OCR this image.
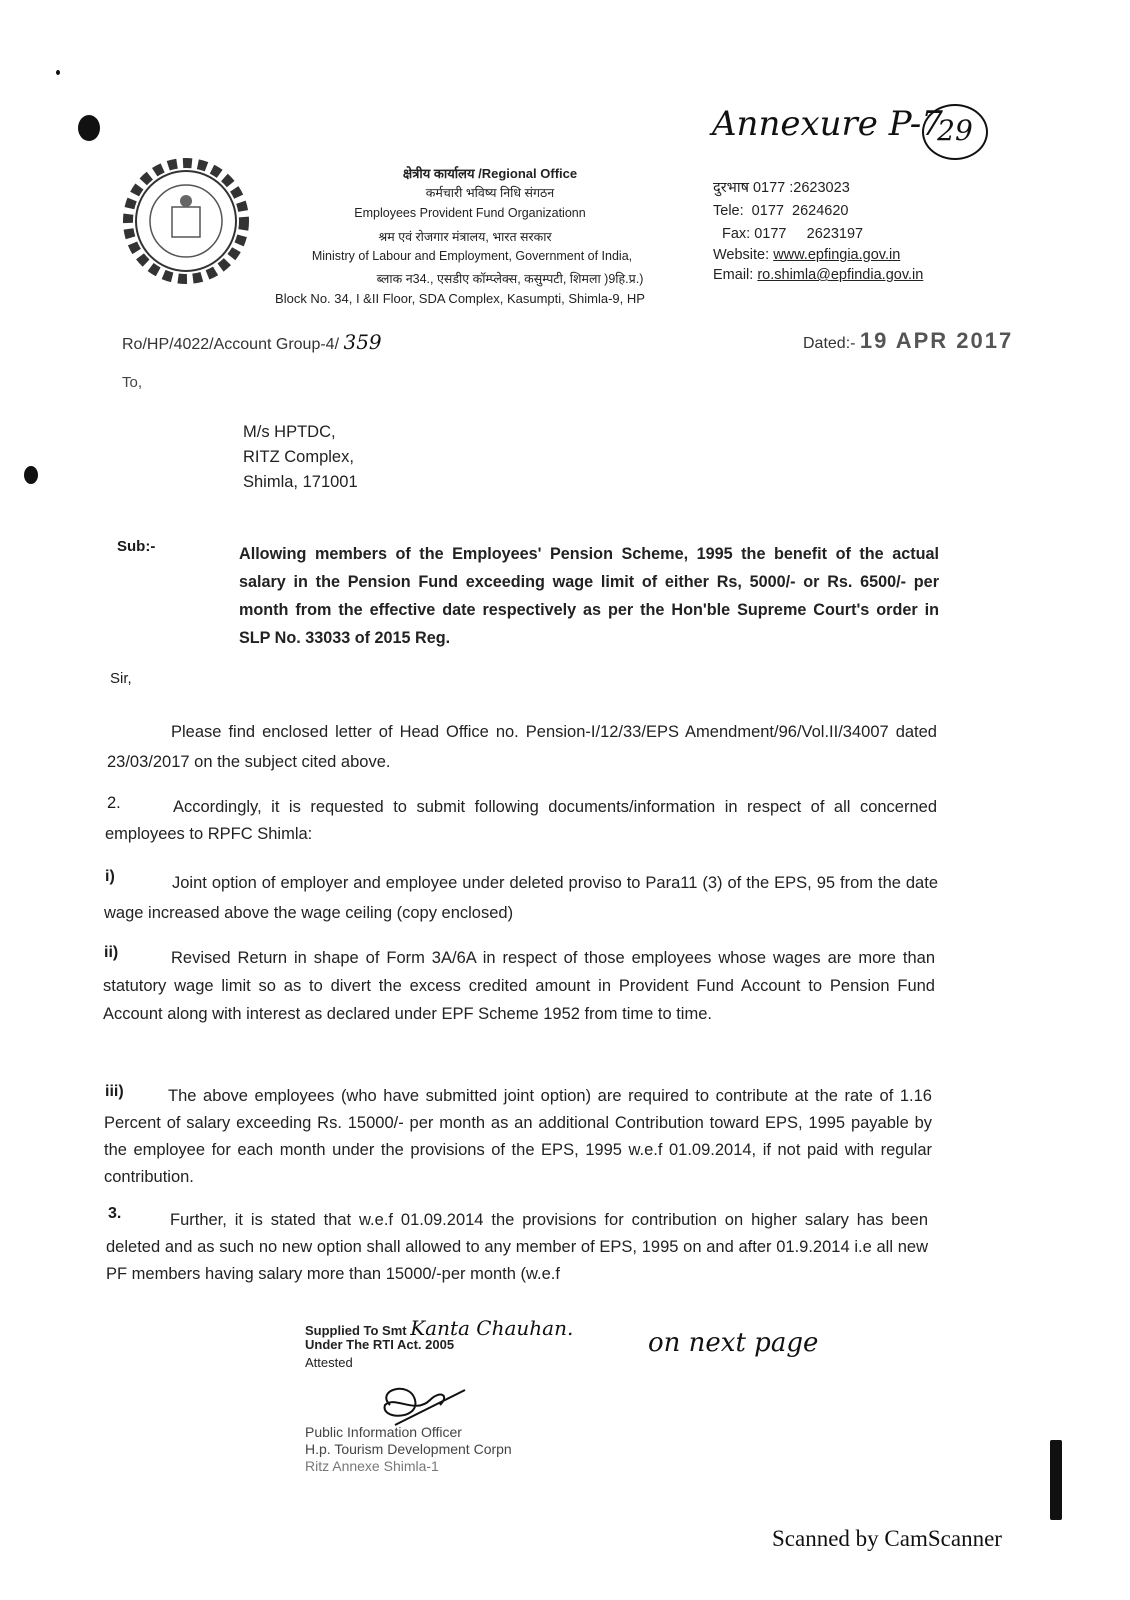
Annexure P-7
29
क्षेत्रीय कार्यालय /Regional Office
कर्मचारी भविष्य निधि संगठन
Employees Provident Fund Organizationn
श्रम एवं रोजगार मंत्रालय, भारत सरकार
Ministry of Labour and Employment, Government of India,
ब्लाक न34., एसडीए कॉम्प्लेक्स, कसुम्पटी, शिमला )9हि.प्र.)
Block No. 34, I &II Floor, SDA Complex, Kasumpti, Shimla-9, HP
दुरभाष 0177 :2623023
Tele:  0177  2624620
Fax: 0177     2623197
Website: www.epfingia.gov.in
Email: ro.shimla@epfindia.gov.in
Ro/HP/4022/Account Group-4/ 359	Dated:- 19 APR 2017
To,
M/s HPTDC,
RITZ Complex,
Shimla, 171001
Sub:-	Allowing members of the Employees' Pension Scheme, 1995 the benefit of the actual salary in the Pension Fund exceeding wage limit of either Rs, 5000/- or Rs. 6500/- per month from the effective date respectively as per the Hon'ble Supreme Court's order in SLP No. 33033 of 2015 Reg.
Sir,
Please find enclosed letter of Head Office no. Pension-I/12/33/EPS Amendment/96/Vol.II/34007 dated 23/03/2017 on the subject cited above.
2.	Accordingly, it is requested to submit following documents/information in respect of all concerned employees to RPFC Shimla:
i)	Joint option of employer and employee under deleted proviso to Para11 (3) of the EPS, 95 from the date wage increased above the wage ceiling (copy enclosed)
ii)	Revised Return in shape of Form 3A/6A in respect of those employees whose wages are more than statutory wage limit so as to divert the excess credited amount in Provident Fund Account to Pension Fund Account along with interest as declared under EPF Scheme 1952 from time to time.
iii)	The above employees (who have submitted joint option) are required to contribute at the rate of 1.16 Percent of salary exceeding Rs. 15000/- per month as an additional Contribution toward EPS, 1995 payable by the employee for each month under the provisions of the EPS, 1995 w.e.f 01.09.2014, if not paid with regular contribution.
3.	Further, it is stated that w.e.f 01.09.2014 the provisions for contribution on higher salary has been deleted and as such no new option shall allowed to any member of EPS, 1995 on and after 01.9.2014 i.e all new PF members having salary more than 15000/-per month (w.e.f
Supplied To Smt Kanta Chauhan.
Under The RTI Act. 2005
Attested
Public Information Officer
H.p. Tourism Development Corpn
Ritz Annexe Shimla-1
on next page
Scanned by CamScanner
